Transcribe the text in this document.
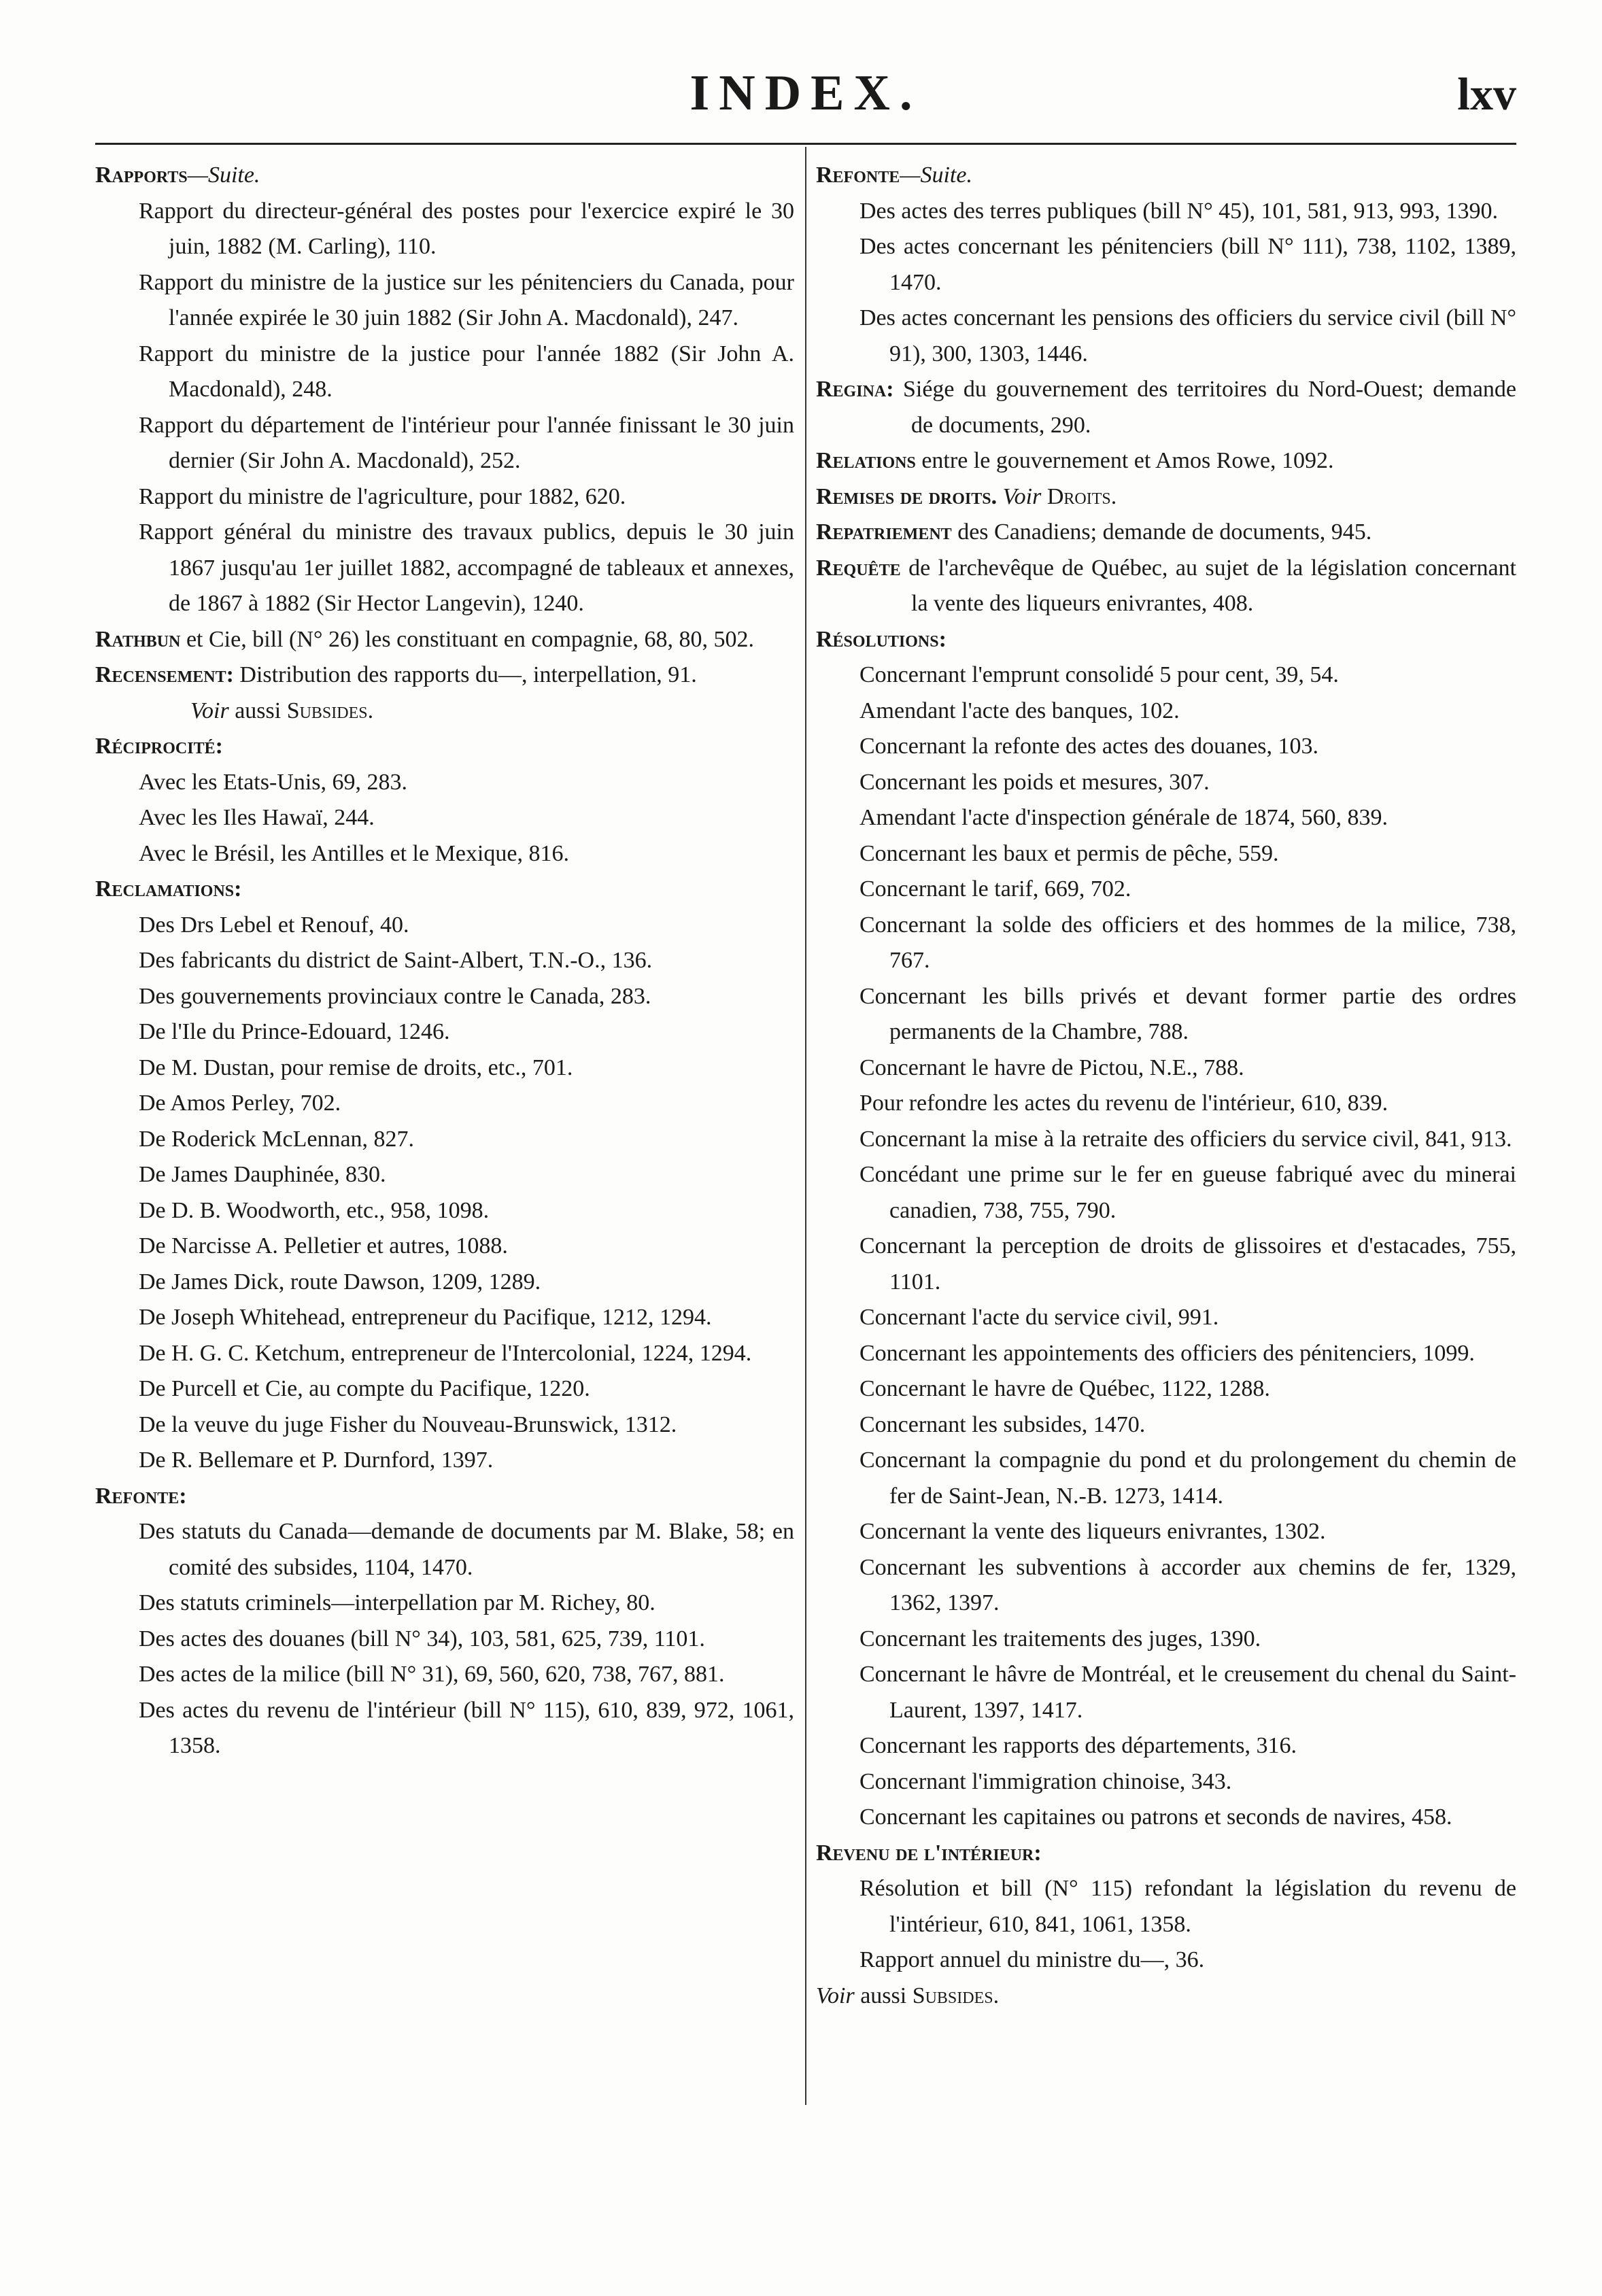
INDEX.	lxv

Rapports—Suite.

Rapport du directeur-général des postes pour l'exercice expiré le 30 juin, 1882 (M. Carling), 110.

Rapport du ministre de la justice sur les pénitenciers du Canada, pour l'année expirée le 30 juin 1882 (Sir John A. Macdonald), 247.

Rapport du ministre de la justice pour l'année 1882 (Sir John A. Macdonald), 248.

Rapport du département de l'intérieur pour l'année finissant le 30 juin dernier (Sir John A. Macdonald), 252.

Rapport du ministre de l'agriculture, pour 1882, 620.

Rapport général du ministre des travaux publics, depuis le 30 juin 1867 jusqu'au 1er juillet 1882, accompagné de tableaux et annexes, de 1867 à 1882 (Sir Hector Langevin), 1240.

Rathbun et Cie, bill (N° 26) les constituant en compagnie, 68, 80, 502.

Recensement: Distribution des rapports du—, interpellation, 91.

Voir aussi Subsides.

Réciprocité:

Avec les Etats-Unis, 69, 283.

Avec les Iles Hawaï, 244.

Avec le Brésil, les Antilles et le Mexique, 816.

Reclamations:

Des Drs Lebel et Renouf, 40.

Des fabricants du district de Saint-Albert, T.N.-O., 136.

Des gouvernements provinciaux contre le Canada, 283.

De l'Ile du Prince-Edouard, 1246.

De M. Dustan, pour remise de droits, etc., 701.

De Amos Perley, 702.

De Roderick McLennan, 827.

De James Dauphinée, 830.

De D. B. Woodworth, etc., 958, 1098.

De Narcisse A. Pelletier et autres, 1088.

De James Dick, route Dawson, 1209, 1289.

De Joseph Whitehead, entrepreneur du Pacifique, 1212, 1294.

De H. G. C. Ketchum, entrepreneur de l'Intercolonial, 1224, 1294.

De Purcell et Cie, au compte du Pacifique, 1220.

De la veuve du juge Fisher du Nouveau-Brunswick, 1312.

De R. Bellemare et P. Durnford, 1397.

Refonte:

Des statuts du Canada—demande de documents par M. Blake, 58; en comité des subsides, 1104, 1470.

Des statuts criminels—interpellation par M. Richey, 80.

Des actes des douanes (bill N° 34), 103, 581, 625, 739, 1101.

Des actes de la milice (bill N° 31), 69, 560, 620, 738, 767, 881.

Des actes du revenu de l'intérieur (bill N° 115), 610, 839, 972, 1061, 1358.

Refonte—Suite.

Des actes des terres publiques (bill N° 45), 101, 581, 913, 993, 1390.

Des actes concernant les pénitenciers (bill N° 111), 738, 1102, 1389, 1470.

Des actes concernant les pensions des officiers du service civil (bill N° 91), 300, 1303, 1446.

Regina: Siége du gouvernement des territoires du Nord-Ouest; demande de documents, 290.

Relations entre le gouvernement et Amos Rowe, 1092.

Remises de droits. Voir Droits.

Repatriement des Canadiens; demande de documents, 945.

Requête de l'archevêque de Québec, au sujet de la législation concernant la vente des liqueurs enivrantes, 408.

Résolutions:

Concernant l'emprunt consolidé 5 pour cent, 39, 54.

Amendant l'acte des banques, 102.

Concernant la refonte des actes des douanes, 103.

Concernant les poids et mesures, 307.

Amendant l'acte d'inspection générale de 1874, 560, 839.

Concernant les baux et permis de pêche, 559.

Concernant le tarif, 669, 702.

Concernant la solde des officiers et des hommes de la milice, 738, 767.

Concernant les bills privés et devant former partie des ordres permanents de la Chambre, 788.

Concernant le havre de Pictou, N.E., 788.

Pour refondre les actes du revenu de l'intérieur, 610, 839.

Concernant la mise à la retraite des officiers du service civil, 841, 913.

Concédant une prime sur le fer en gueuse fabriqué avec du minerai canadien, 738, 755, 790.

Concernant la perception de droits de glissoires et d'estacades, 755, 1101.

Concernant l'acte du service civil, 991.

Concernant les appointements des officiers des pénitenciers, 1099.

Concernant le havre de Québec, 1122, 1288.

Concernant les subsides, 1470.

Concernant la compagnie du pond et du prolongement du chemin de fer de Saint-Jean, N.-B. 1273, 1414.

Concernant la vente des liqueurs enivrantes, 1302.

Concernant les subventions à accorder aux chemins de fer, 1329, 1362, 1397.

Concernant les traitements des juges, 1390.

Concernant le hâvre de Montréal, et le creusement du chenal du Saint-Laurent, 1397, 1417.

Concernant les rapports des départements, 316.

Concernant l'immigration chinoise, 343.

Concernant les capitaines ou patrons et seconds de navires, 458.

Revenu de l'intérieur:

Résolution et bill (N° 115) refondant la législation du revenu de l'intérieur, 610, 841, 1061, 1358.

Rapport annuel du ministre du—, 36.

Voir aussi Subsides.
